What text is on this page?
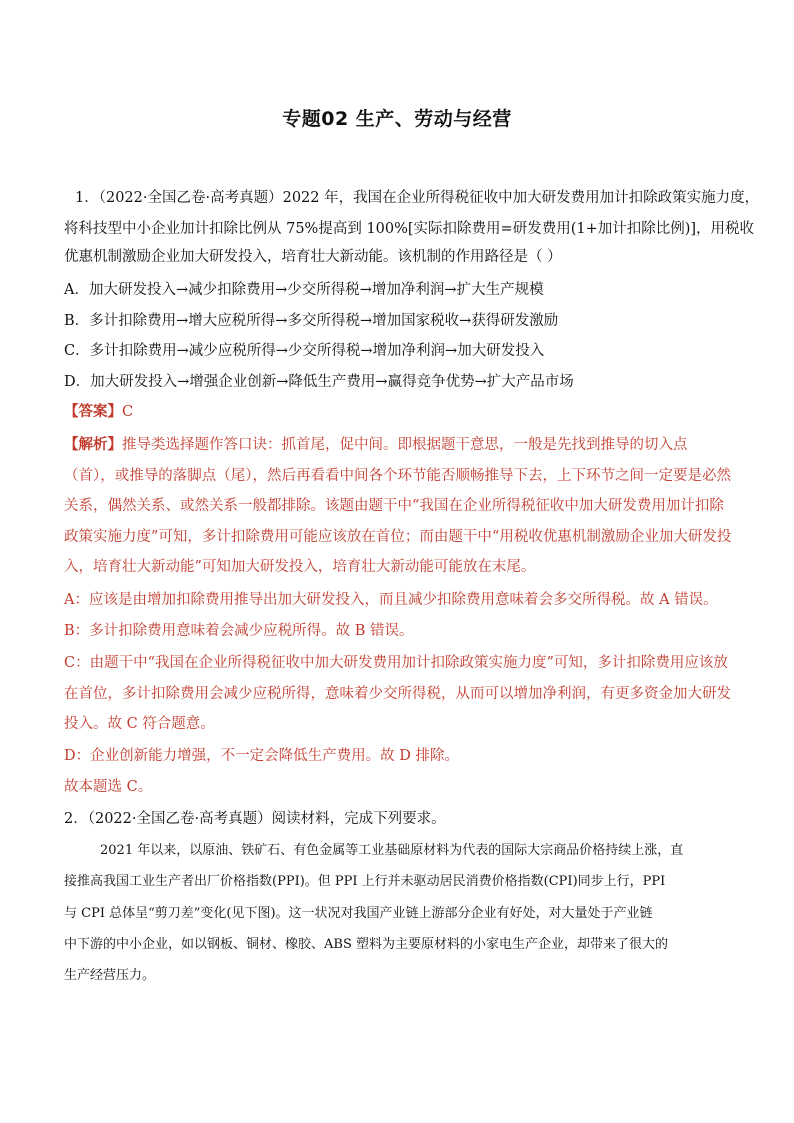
专题02 生产、劳动与经营
1．（2022·全国乙卷·高考真题）2022 年，我国在企业所得税征收中加大研发费用加计扣除政策实施力度，
将科技型中小企业加计扣除比例从 75%提高到 100%[实际扣除费用=研发费用(1+加计扣除比例)]，用税收
优惠机制激励企业加大研发投入，培育壮大新动能。该机制的作用路径是（ ）
A．加大研发投入→减少扣除费用→少交所得税→增加净利润→扩大生产规模
B．多计扣除费用→增大应税所得→多交所得税→增加国家税收→获得研发激励
C．多计扣除费用→减少应税所得→少交所得税→增加净利润→加大研发投入
D．加大研发投入→增强企业创新→降低生产费用→赢得竞争优势→扩大产品市场
【答案】C
【解析】推导类选择题作答口诀：抓首尾，促中间。即根据题干意思，一般是先找到推导的切入点
（首），或推导的落脚点（尾），然后再看看中间各个环节能否顺畅推导下去，上下环节之间一定要是必然
关系，偶然关系、或然关系一般都排除。该题由题干中“我国在企业所得税征收中加大研发费用加计扣除
政策实施力度”可知，多计扣除费用可能应该放在首位；而由题干中“用税收优惠机制激励企业加大研发投
入，培育壮大新动能”可知加大研发投入，培育壮大新动能可能放在末尾。
A：应该是由增加扣除费用推导出加大研发投入，而且减少扣除费用意味着会多交所得税。故 A 错误。
B：多计扣除费用意味着会减少应税所得。故 B 错误。
C：由题干中“我国在企业所得税征收中加大研发费用加计扣除政策实施力度”可知，多计扣除费用应该放
在首位，多计扣除费用会减少应税所得，意味着少交所得税，从而可以增加净利润，有更多资金加大研发
投入。故 C 符合题意。
D：企业创新能力增强，不一定会降低生产费用。故 D 排除。
故本题选 C。
2．（2022·全国乙卷·高考真题）阅读材料，完成下列要求。
2021 年以来，以原油、铁矿石、有色金属等工业基础原材料为代表的国际大宗商品价格持续上涨，直
接推高我国工业生产者出厂价格指数(PPI)。但 PPI 上行并未驱动居民消费价格指数(CPI)同步上行，PPI
与 CPI 总体呈“剪刀差”变化(见下图)。这一状况对我国产业链上游部分企业有好处，对大量处于产业链
中下游的中小企业，如以钢板、铜材、橡胶、ABS 塑料为主要原材料的小家电生产企业，却带来了很大的
生产经营压力。
